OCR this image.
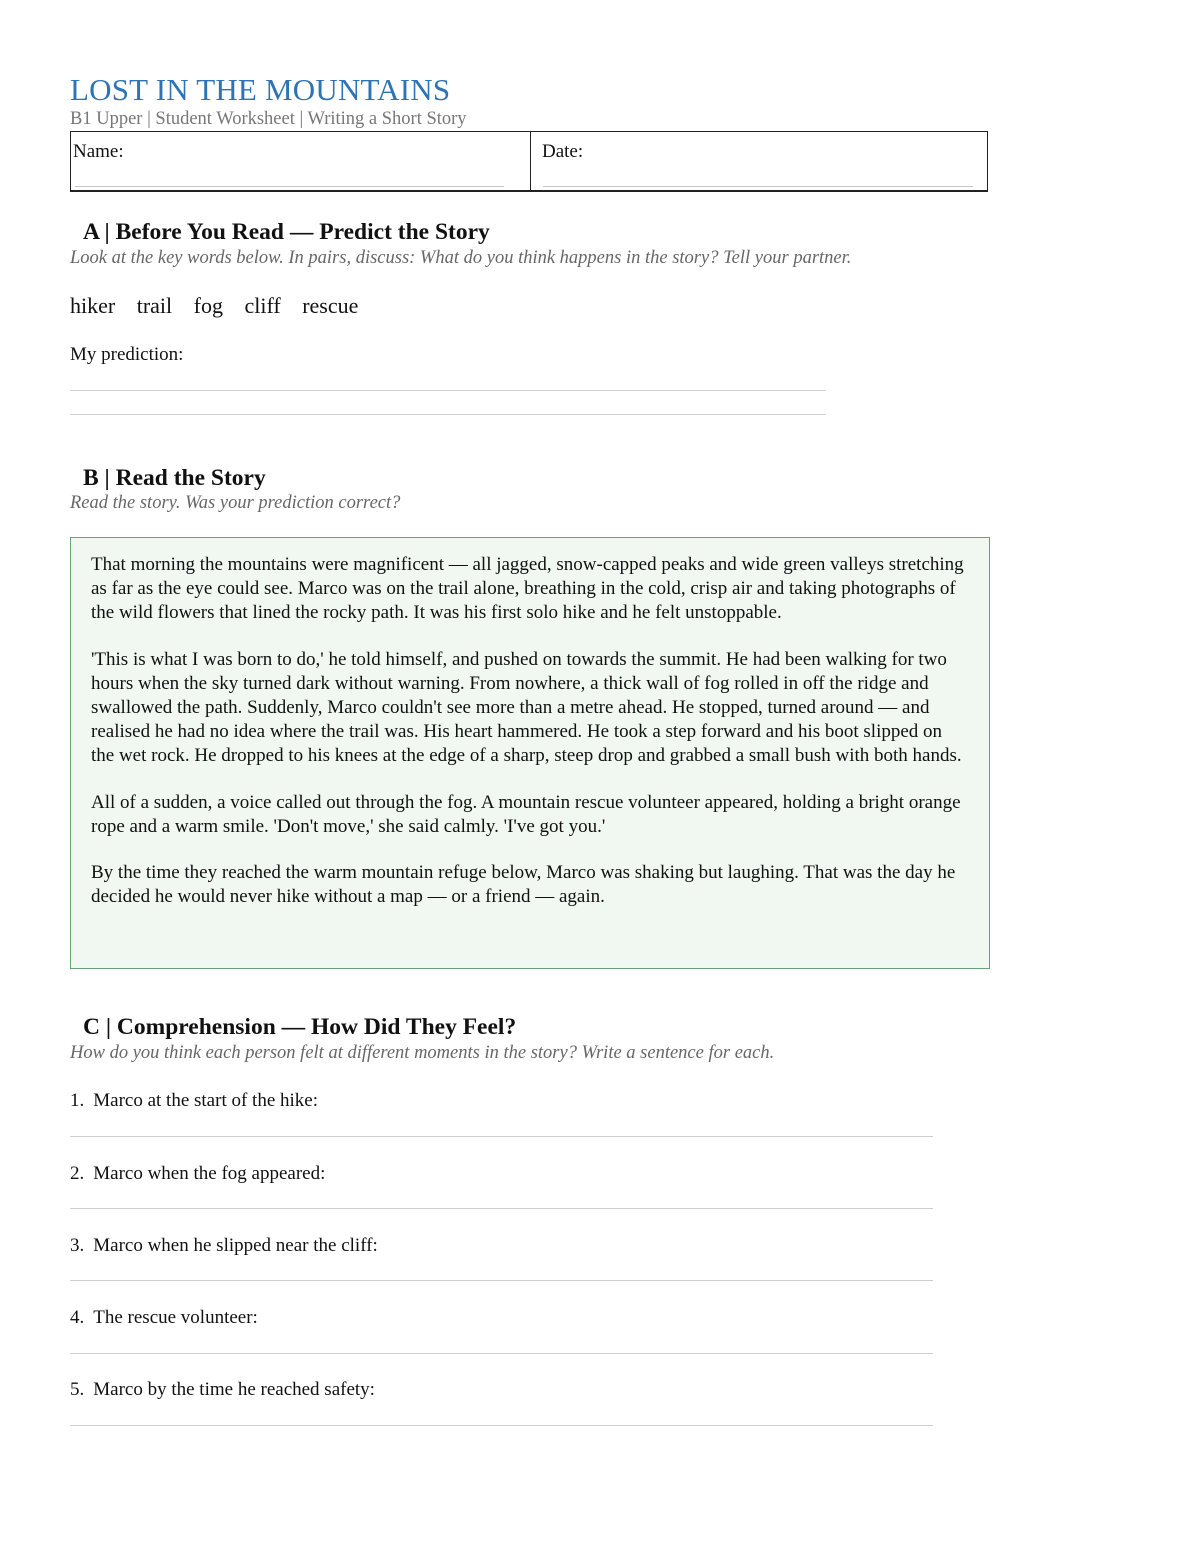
LOST IN THE MOUNTAINS
B1 Upper | Student Worksheet | Writing a Short Story
Name:	Date:
A | Before You Read — Predict the Story
Look at the key words below. In pairs, discuss: What do you think happens in the story? Tell your partner.
hiker trail fog cliff rescue
My prediction:
B | Read the Story
Read the story. Was your prediction correct?

That morning the mountains were magnificent — all jagged, snow-capped peaks and wide green valleys stretching as far as the eye could see. Marco was on the trail alone, breathing in the cold, crisp air and taking photographs of the wild flowers that lined the rocky path. It was his first solo hike and he felt unstoppable.

'This is what I was born to do,' he told himself, and pushed on towards the summit. He had been walking for two hours when the sky turned dark without warning. From nowhere, a thick wall of fog rolled in off the ridge and swallowed the path. Suddenly, Marco couldn't see more than a metre ahead. He stopped, turned around — and realised he had no idea where the trail was. His heart hammered. He took a step forward and his boot slipped on the wet rock. He dropped to his knees at the edge of a sharp, steep drop and grabbed a small bush with both hands.

All of a sudden, a voice called out through the fog. A mountain rescue volunteer appeared, holding a bright orange rope and a warm smile. 'Don't move,' she said calmly. 'I've got you.'

By the time they reached the warm mountain refuge below, Marco was shaking but laughing. That was the day he decided he would never hike without a map — or a friend — again.

C | Comprehension — How Did They Feel?
How do you think each person felt at different moments in the story? Write a sentence for each.
1. Marco at the start of the hike:
2. Marco when the fog appeared:
3. Marco when he slipped near the cliff:
4. The rescue volunteer:
5. Marco by the time he reached safety:
